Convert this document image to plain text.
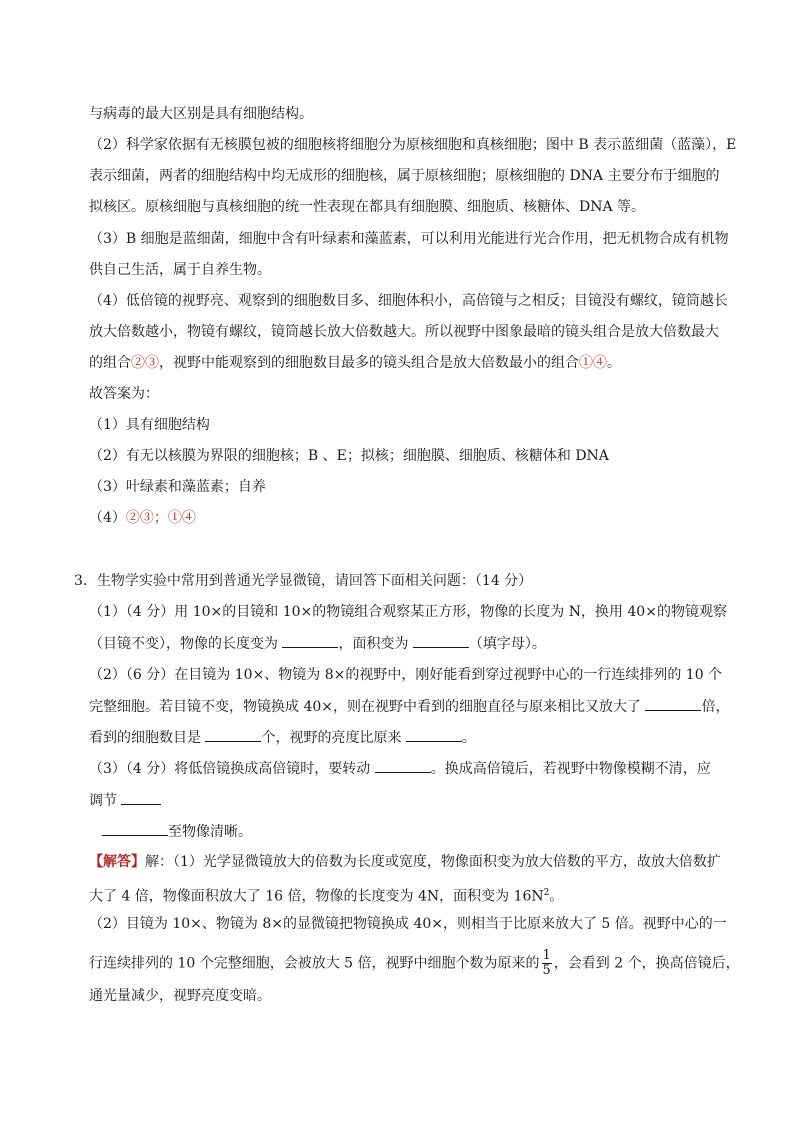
与病毒的最大区别是具有细胞结构。
（2）科学家依据有无核膜包被的细胞核将细胞分为原核细胞和真核细胞；图中 B 表示蓝细菌（蓝藻），E
表示细菌，两者的细胞结构中均无成形的细胞核，属于原核细胞；原核细胞的 DNA 主要分布于细胞的
拟核区。原核细胞与真核细胞的统一性表现在都具有细胞膜、细胞质、核糖体、DNA 等。
（3）B 细胞是蓝细菌，细胞中含有叶绿素和藻蓝素，可以利用光能进行光合作用，把无机物合成有机物
供自己生活，属于自养生物。
（4）低倍镜的视野亮、观察到的细胞数目多、细胞体积小，高倍镜与之相反；目镜没有螺纹，镜筒越长
放大倍数越小，物镜有螺纹，镜筒越长放大倍数越大。所以视野中图象最暗的镜头组合是放大倍数最大
的组合②③，视野中能观察到的细胞数目最多的镜头组合是放大倍数最小的组合①④。
故答案为：
（1）具有细胞结构
（2）有无以核膜为界限的细胞核；B 、E；拟核；细胞膜、细胞质、核糖体和 DNA
（3）叶绿素和藻蓝素；自养
（4）②③；①④
3．生物学实验中常用到普通光学显微镜，请回答下面相关问题：（14 分）
（1）（4 分）用 10×的目镜和 10×的物镜组合观察某正方形，物像的长度为 N，换用 40×的物镜观察
（目镜不变），物像的长度变为	，面积变为	（填字母）。
（2）（6 分）在目镜为 10×、物镜为 8×的视野中，刚好能看到穿过视野中心的一行连续排列的 10 个
完整细胞。若目镜不变，物镜换成 40×，则在视野中看到的细胞直径与原来相比又放大了	倍，
看到的细胞数目是	个，视野的亮度比原来	。
（3）（4 分）将低倍镜换成高倍镜时，要转动	。换成高倍镜后，若视野中物像模糊不清，应
调节
至物像清晰。
【解答】解：（1）光学显微镜放大的倍数为长度或宽度，物像面积变为放大倍数的平方，故放大倍数扩
大了 4 倍，物像面积放大了 16 倍，物像的长度变为 4N，面积变为 $16N^2$。
（2）目镜为 10×、物镜为 8×的显微镜把物镜换成 40×，则相当于比原来放大了 5 倍。视野中心的一
行连续排列的 10 个完整细胞，会被放大 5 倍，视野中细胞个数为原来的 $\frac{1}{5}$ ，会看到 2 个，换高倍镜后，
通光量减少，视野亮度变暗。
